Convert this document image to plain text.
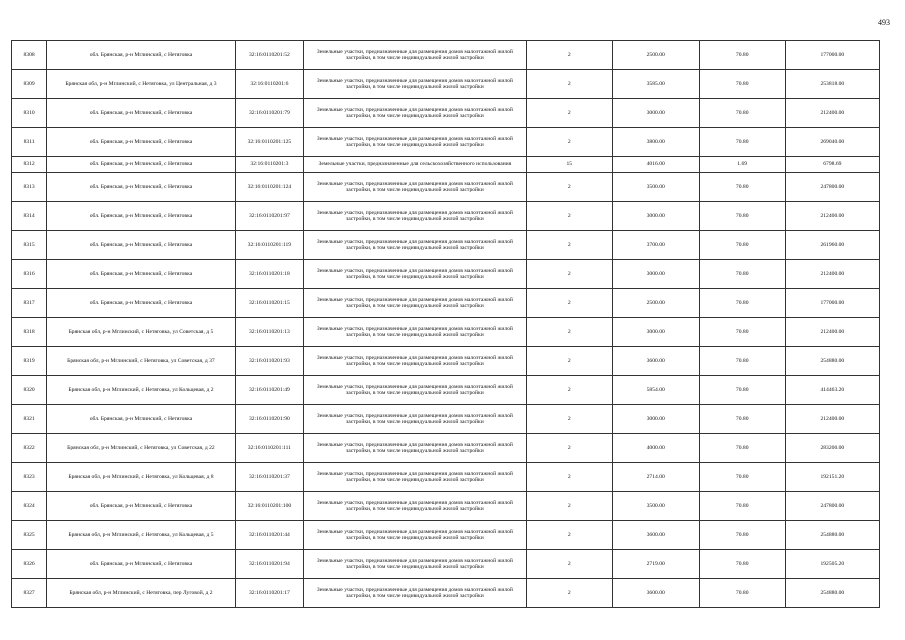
493
8308	обл. Брянская, р-н Мглинский, с Нетяговка	32:16:0110201:52	Земельные участки, предназначенные для размещения домов малоэтажной жилой застройки, в том числе индивидуальной жилой застройки	2	2500.00	70.80	177000.00
8309	Брянская обл, р-н Мглинский, с Нетяговка, ул Центральная, д 3	32:16:0110201:6	Земельные участки, предназначенные для размещения домов малоэтажной жилой застройки, в том числе индивидуальной жилой застройки	2	3585.00	70.80	253818.00
8310	обл. Брянская, р-н Мглинский, с Нетяговка	32:16:0110201:79	Земельные участки, предназначенные для размещения домов малоэтажной жилой застройки, в том числе индивидуальной жилой застройки	2	3000.00	70.80	212400.00
8311	обл. Брянская, р-н Мглинский, с Нетяговка	32:16:0110201:125	Земельные участки, предназначенные для размещения домов малоэтажной жилой застройки, в том числе индивидуальной жилой застройки	2	3800.00	70.80	269040.00
8312	обл. Брянская, р-н Мглинский, с Нетяговка	32:16:0110201:3	Земельные участки, предназначенные для сельскохозяйственного использования	15	4016.00	1.69	6798.69
8313	обл. Брянская, р-н Мглинский, с Нетяговка	32:16:0110201:124	Земельные участки, предназначенные для размещения домов малоэтажной жилой застройки, в том числе индивидуальной жилой застройки	2	3500.00	70.80	247800.00
8314	обл. Брянская, р-н Мглинский, с Нетяговка	32:16:0110201:97	Земельные участки, предназначенные для размещения домов малоэтажной жилой застройки, в том числе индивидуальной жилой застройки	2	3000.00	70.80	212400.00
8315	обл. Брянская, р-н Мглинский, с Нетяговка	32:16:0110201:119	Земельные участки, предназначенные для размещения домов малоэтажной жилой застройки, в том числе индивидуальной жилой застройки	2	3700.00	70.80	261960.00
8316	обл. Брянская, р-н Мглинский, с Нетяговка	32:16:0110201:18	Земельные участки, предназначенные для размещения домов малоэтажной жилой застройки, в том числе индивидуальной жилой застройки	2	3000.00	70.80	212400.00
8317	обл. Брянская, р-н Мглинский, с Нетяговка	32:16:0110201:15	Земельные участки, предназначенные для размещения домов малоэтажной жилой застройки, в том числе индивидуальной жилой застройки	2	2500.00	70.80	177000.00
8318	Брянская обл, р-н Мглинский, с Нетяговка, ул Советская, д 5	32:16:0110201:13	Земельные участки, предназначенные для размещения домов малоэтажной жилой застройки, в том числе индивидуальной жилой застройки	2	3000.00	70.80	212400.00
8319	Брянская обл, р-н Мглинский, с Нетяговка, ул Советская, д 37	32:16:0110201:93	Земельные участки, предназначенные для размещения домов малоэтажной жилой застройки, в том числе индивидуальной жилой застройки	2	3600.00	70.80	254880.00
8320	Брянская обл, р-н Мглинский, с Нетяговка, ул Кольцевая, д 2	32:16:0110201:49	Земельные участки, предназначенные для размещения домов малоэтажной жилой застройки, в том числе индивидуальной жилой застройки	2	5854.00	70.80	414463.20
8321	обл. Брянская, р-н Мглинский, с Нетяговка	32:16:0110201:90	Земельные участки, предназначенные для размещения домов малоэтажной жилой застройки, в том числе индивидуальной жилой застройки	2	3000.00	70.80	212400.00
8322	Брянская обл, р-н Мглинский, с Нетяговка, ул Советская, д 22	32:16:0110201:111	Земельные участки, предназначенные для размещения домов малоэтажной жилой застройки, в том числе индивидуальной жилой застройки	2	4000.00	70.80	283200.00
8323	Брянская обл, р-н Мглинский, с Нетяговка, ул Кольцевая, д 8	32:16:0110201:37	Земельные участки, предназначенные для размещения домов малоэтажной жилой застройки, в том числе индивидуальной жилой застройки	2	2714.00	70.80	192151.20
8324	обл. Брянская, р-н Мглинский, с Нетяговка	32:16:0110201:100	Земельные участки, предназначенные для размещения домов малоэтажной жилой застройки, в том числе индивидуальной жилой застройки	2	3500.00	70.80	247800.00
8325	Брянская обл, р-н Мглинский, с Нетяговка, ул Кольцевая, д 5	32:16:0110201:44	Земельные участки, предназначенные для размещения домов малоэтажной жилой застройки, в том числе индивидуальной жилой застройки	2	3600.00	70.80	254880.00
8326	обл. Брянская, р-н Мглинский, с Нетяговка	32:16:0110201:94	Земельные участки, предназначенные для размещения домов малоэтажной жилой застройки, в том числе индивидуальной жилой застройки	2	2719.00	70.80	192505.20
8327	Брянская обл, р-н Мглинский, с Нетяговка, пер Луговой, д 2	32:16:0110201:17	Земельные участки, предназначенные для размещения домов малоэтажной жилой застройки, в том числе индивидуальной жилой застройки	2	3600.00	70.80	254880.00
